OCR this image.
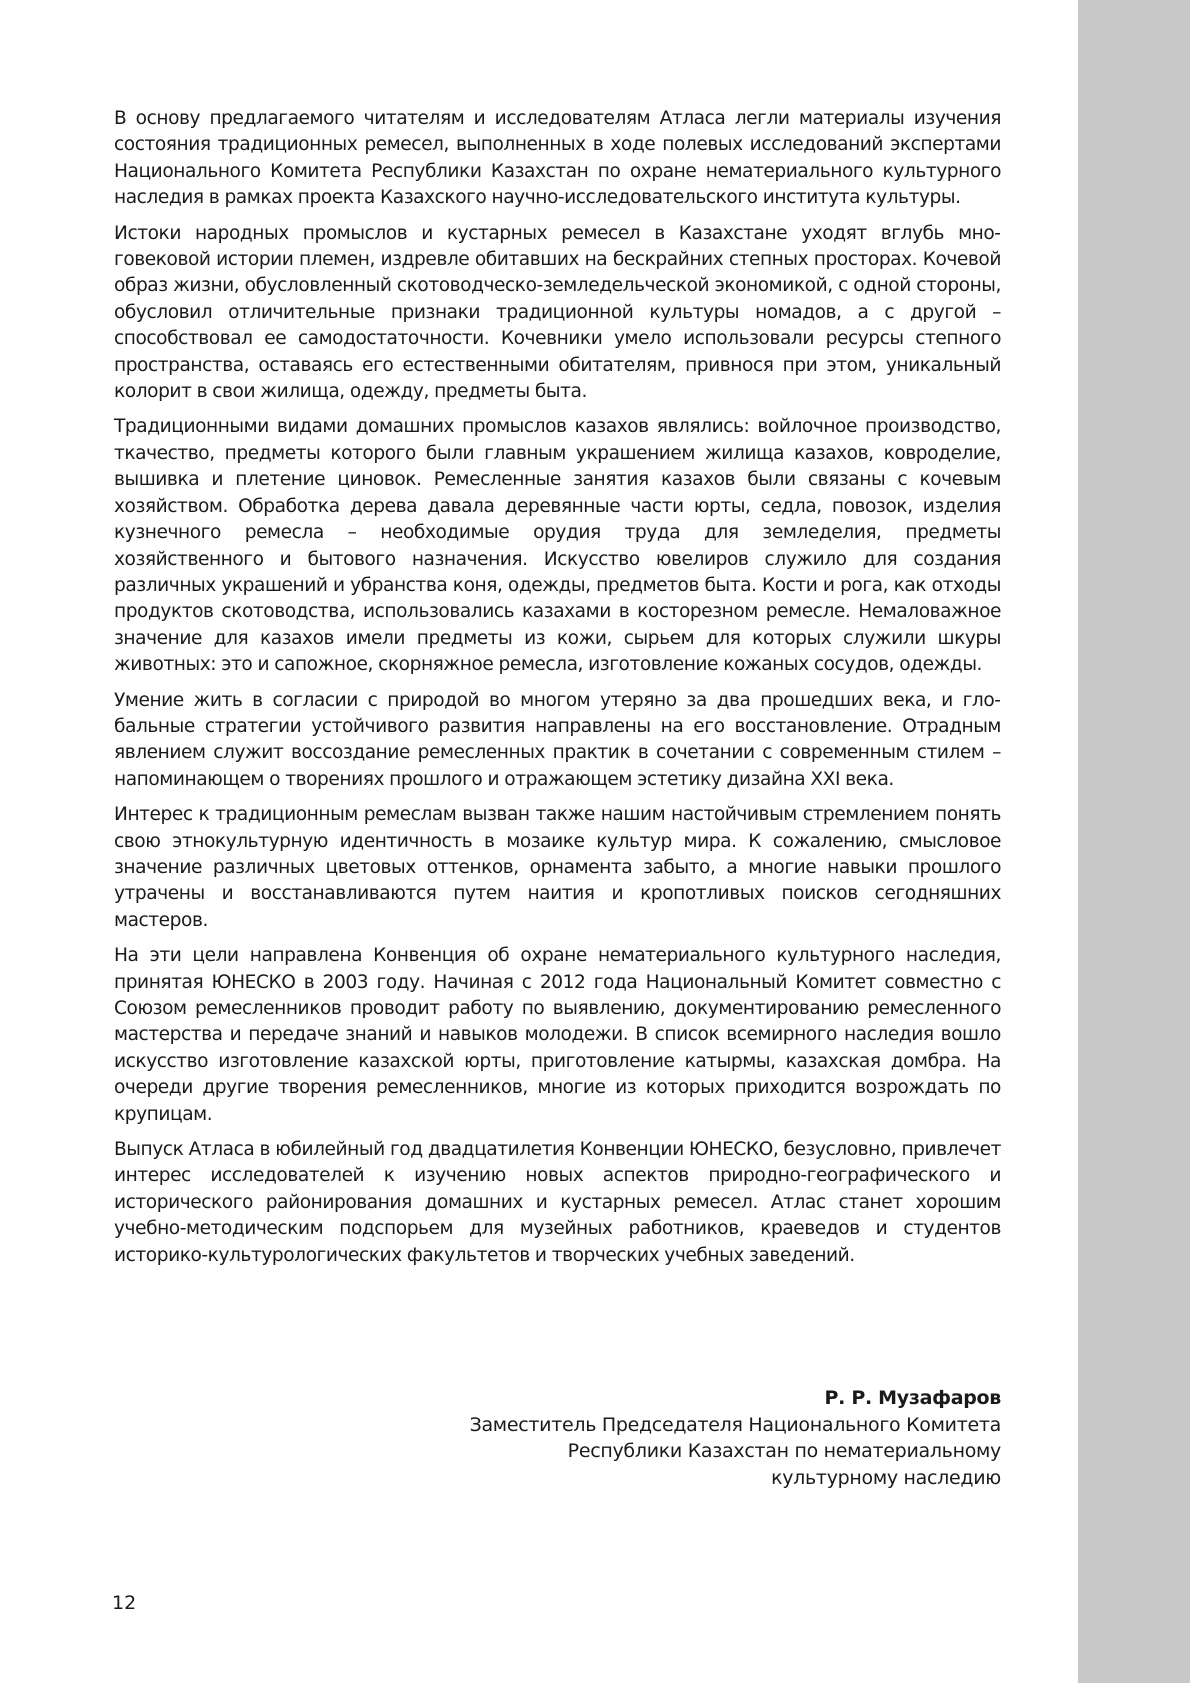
В основу предлагаемого читателям и исследователям Атласа легли материалы изучения состояния традиционных ремесел, выполненных в ходе полевых исследований экспертами Национального Комитета Республики Казахстан по охране нематериального культурного наследия в рамках проекта Казахского научно-исследовательского института культуры.

Истоки народных промыслов и кустарных ремесел в Казахстане уходят вглубь многовековой истории племен, издревле обитавших на бескрайних степных просторах. Кочевой образ жизни, обусловленный скотоводческо-земледельческой экономикой, с одной стороны, обусловил отличительные признаки традиционной культуры номадов, а с другой – способствовал ее самодостаточности. Кочевники умело использовали ресурсы степного пространства, оставаясь его естественными обитателям, привнося при этом, уникальный колорит в свои жилища, одежду, предметы быта.

Традиционными видами домашних промыслов казахов являлись: войлочное производство, ткачество, предметы которого были главным украшением жилища казахов, ковроделие, вышивка и плетение циновок. Ремесленные занятия казахов были связаны с кочевым хозяйством. Обработка дерева давала деревянные части юрты, седла, повозок, изделия кузнечного ремесла – необходимые орудия труда для земледелия, предметы хозяйственного и бытового назначения. Искусство ювелиров служило для создания различных украшений и убранства коня, одежды, предметов быта. Кости и рога, как отходы продуктов скотоводства, использовались казахами в косторезном ремесле. Немаловажное значение для казахов имели предметы из кожи, сырьем для которых служили шкуры животных: это и сапожное, скорняжное ремесла, изготовление кожаных сосудов, одежды.

Умение жить в согласии с природой во многом утеряно за два прошедших века, и глобальные стратегии устойчивого развития направлены на его восстановление. Отрадным явлением служит воссоздание ремесленных практик в сочетании с современным стилем – напоминающем о творениях прошлого и отражающем эстетику дизайна XXI века.

Интерес к традиционным ремеслам вызван также нашим настойчивым стремлением понять свою этнокультурную идентичность в мозаике культур мира. К сожалению, смысловое значение различных цветовых оттенков, орнамента забыто, а многие навыки прошлого утрачены и восстанавливаются путем наития и кропотливых поисков сегодняшних мастеров.

На эти цели направлена Конвенция об охране нематериального культурного наследия, принятая ЮНЕСКО в 2003 году. Начиная с 2012 года Национальный Комитет совместно с Союзом ремесленников проводит работу по выявлению, документированию ремесленного мастерства и передаче знаний и навыков молодежи. В список всемирного наследия вошло искусство изготовление казахской юрты, приготовление катырмы, казахская домбра. На очереди другие творения ремесленников, многие из которых приходится возрождать по крупицам.

Выпуск Атласа в юбилейный год двадцатилетия Конвенции ЮНЕСКО, безусловно, привлечет интерес исследователей к изучению новых аспектов природно-географического и исторического районирования домашних и кустарных ремесел. Атлас станет хорошим учебно-методическим подспорьем для музейных работников, краеведов и студентов историко-культурологических факультетов и творческих учебных заведений.

Р. Р. Музафаров
Заместитель Председателя Национального Комитета
Республики Казахстан по нематериальному
культурному наследию
12
